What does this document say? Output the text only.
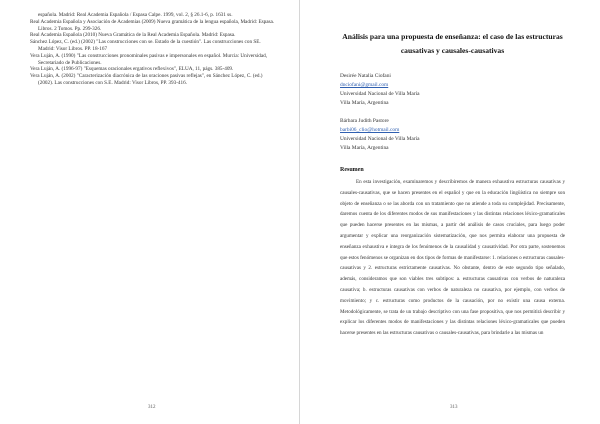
española. Madrid: Real Academia Española / Espasa Calpe. 1999, vol. 2, § 26.1-6, p. 1631 ss.

Real Academia Española y Asociación de Academias (2009) Nueva gramática de la lengua española, Madrid: Espasa. Libros. 2 Tomos. Pp. 299-326.

Real Academia Española (2010) Nueva Gramática de la Real Academia Española. Madrid: Espasa.

Sánchez López, C. (ed.) (2002) "Las construcciones con se. Estado de la cuestión". Las construcciones con SE. Madrid: Visor Libros. PP. 18-167

Vera Luján, A. (1990) "Las construcciones pronominales pasivas e impersonales en español. Murcia: Universidad, Secretariado de Publicaciones.

Vera Luján, A. (1996-97) "Esquemas oracionales ergativos reflexivos", ELUA, 11, págs. 385-409.

Vera Luján, A. (2002) "Caracterización diacrónica de las oraciones pasivas reflejas", en Sánchez López, C. (ed.) (2002). Las construcciones con S.E. Madrid: Visor Libros, PP. 393-416.

312
Análisis para una propuesta de enseñanza: el caso de las estructuras causativas y causales-causativas
Desirée Natalia Ciofani
dnciofani@gmail.com
Universidad Nacional de Villa María
Villa María, Argentina
Bárbara Judith Pastore
barbi06_clio@hotmail.com
Universidad Nacional de Villa María
Villa María, Argentina
Resumen

En esta investigación, examinaremos y describiremos de manera exhaustiva estructuras causativas y causales-causativas, que se hacen presentes en el español y que en la educación lingüística no siempre son objeto de enseñanza o se las aborda con un tratamiento que no atiende a toda su complejidad. Precisamente, daremos cuenta de los diferentes modos de sus manifestaciones y las distintas relaciones léxico-gramaticales que pueden hacerse presentes en las mismas, a partir del análisis de casos cruciales, para luego poder argumentar y explicar una reorganización sistematización, que nos permita elaborar una propuesta de enseñanza exhaustiva e íntegra de los fenómenos de la causalidad y causatividad. Por otra parte, sostenemos que estos fenómenos se organizan en dos tipos de formas de manifestarse: 1. relaciones o estructuras causales-causativas y 2. estructuras estrictamente causativas. No obstante, dentro de este segundo tipo señalado, además, consideramos que son viables tres subtipos: a. estructuras causativas con verbos de naturaleza causativa; b. estructuras causativas con verbos de naturaleza no causativa, por ejemplo, con verbos de movimiento; y c. estructuras como productos de la causación, por no existir una causa externa. Metodológicamente, se trata de un trabajo descriptivo con una fase propositiva, que nos permitirá describir y explicar los diferentes modos de manifestaciones y las distintas relaciones léxico-gramaticales que pueden hacerse presentes en las estructuras causativas o causales-causativas, para brindarle a las mismas un

313
